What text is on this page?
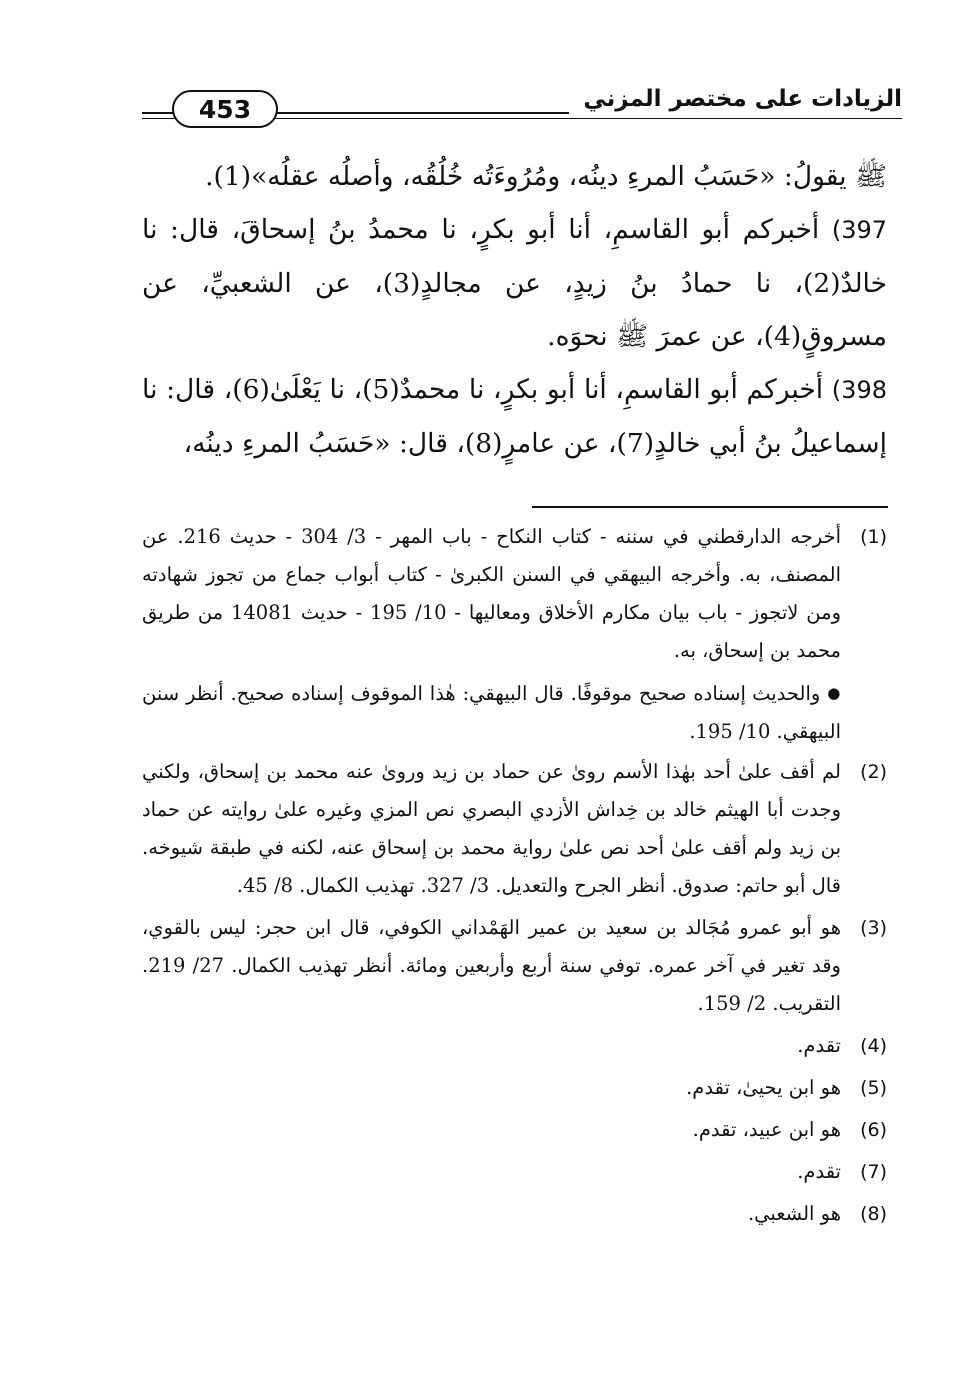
453	الزيادات على مختصر المزني

ﷺ يقولُ: «حَسَبُ المرءِ دينُه، ومُرُوءَتُه خُلُقُه، وأصلُه عقلُه»(1).

397) أخبركم أبو القاسمِ، أنا أبو بكرٍ، نا محمدُ بنُ إسحاقَ، قال: نا خالدٌ(2)، نا حمادُ بنُ زيدٍ، عن مجالدٍ(3)، عن الشعبيِّ، عن مسروقٍ(4)، عن عمرَ ﷺ نحوَه.

398) أخبركم أبو القاسمِ، أنا أبو بكرٍ، نا محمدٌ(5)، نا يَعْلَىٰ(6)، قال: نا إسماعيلُ بنُ أبي خالدٍ(7)، عن عامرٍ(8)، قال: «حَسَبُ المرءِ دينُه،

(1)
أخرجه الدارقطني في سننه - كتاب النكاح - باب المهر - 3/ 304 - حديث 216. عن المصنف، به. وأخرجه البيهقي في السنن الكبرىٰ - كتاب أبواب جماع من تجوز شهادته ومن لاتجوز - باب بيان مكارم الأخلاق ومعاليها - 10/ 195 - حديث 14081 من طريق محمد بن إسحاق، به.
● والحديث إسناده صحيح موقوفًا. قال البيهقي: هٰذا الموقوف إسناده صحيح. أنظر سنن البيهقي. 10/ 195.
(2)
لم أقف علىٰ أحد بهٰذا الأسم روىٰ عن حماد بن زيد وروىٰ عنه محمد بن إسحاق، ولكني وجدت أبا الهيثم خالد بن خِداش الأزدي البصري نص المزي وغيره علىٰ روايته عن حماد بن زيد ولم أقف علىٰ أحد نص علىٰ رواية محمد بن إسحاق عنه، لكنه في طبقة شيوخه. قال أبو حاتم: صدوق. أنظر الجرح والتعديل. 3/ 327. تهذيب الكمال. 8/ 45.
(3)
هو أبو عمرو مُجَالد بن سعيد بن عمير الهَمْداني الكوفي، قال ابن حجر: ليس بالقوي، وقد تغير في آخر عمره. توفي سنة أربع وأربعين ومائة. أنظر تهذيب الكمال. 27/ 219. التقريب. 2/ 159.
(4)
تقدم.
(5)
هو ابن يحيىٰ، تقدم.
(6)
هو ابن عبيد، تقدم.
(7)
تقدم.
(8)
هو الشعبي.
